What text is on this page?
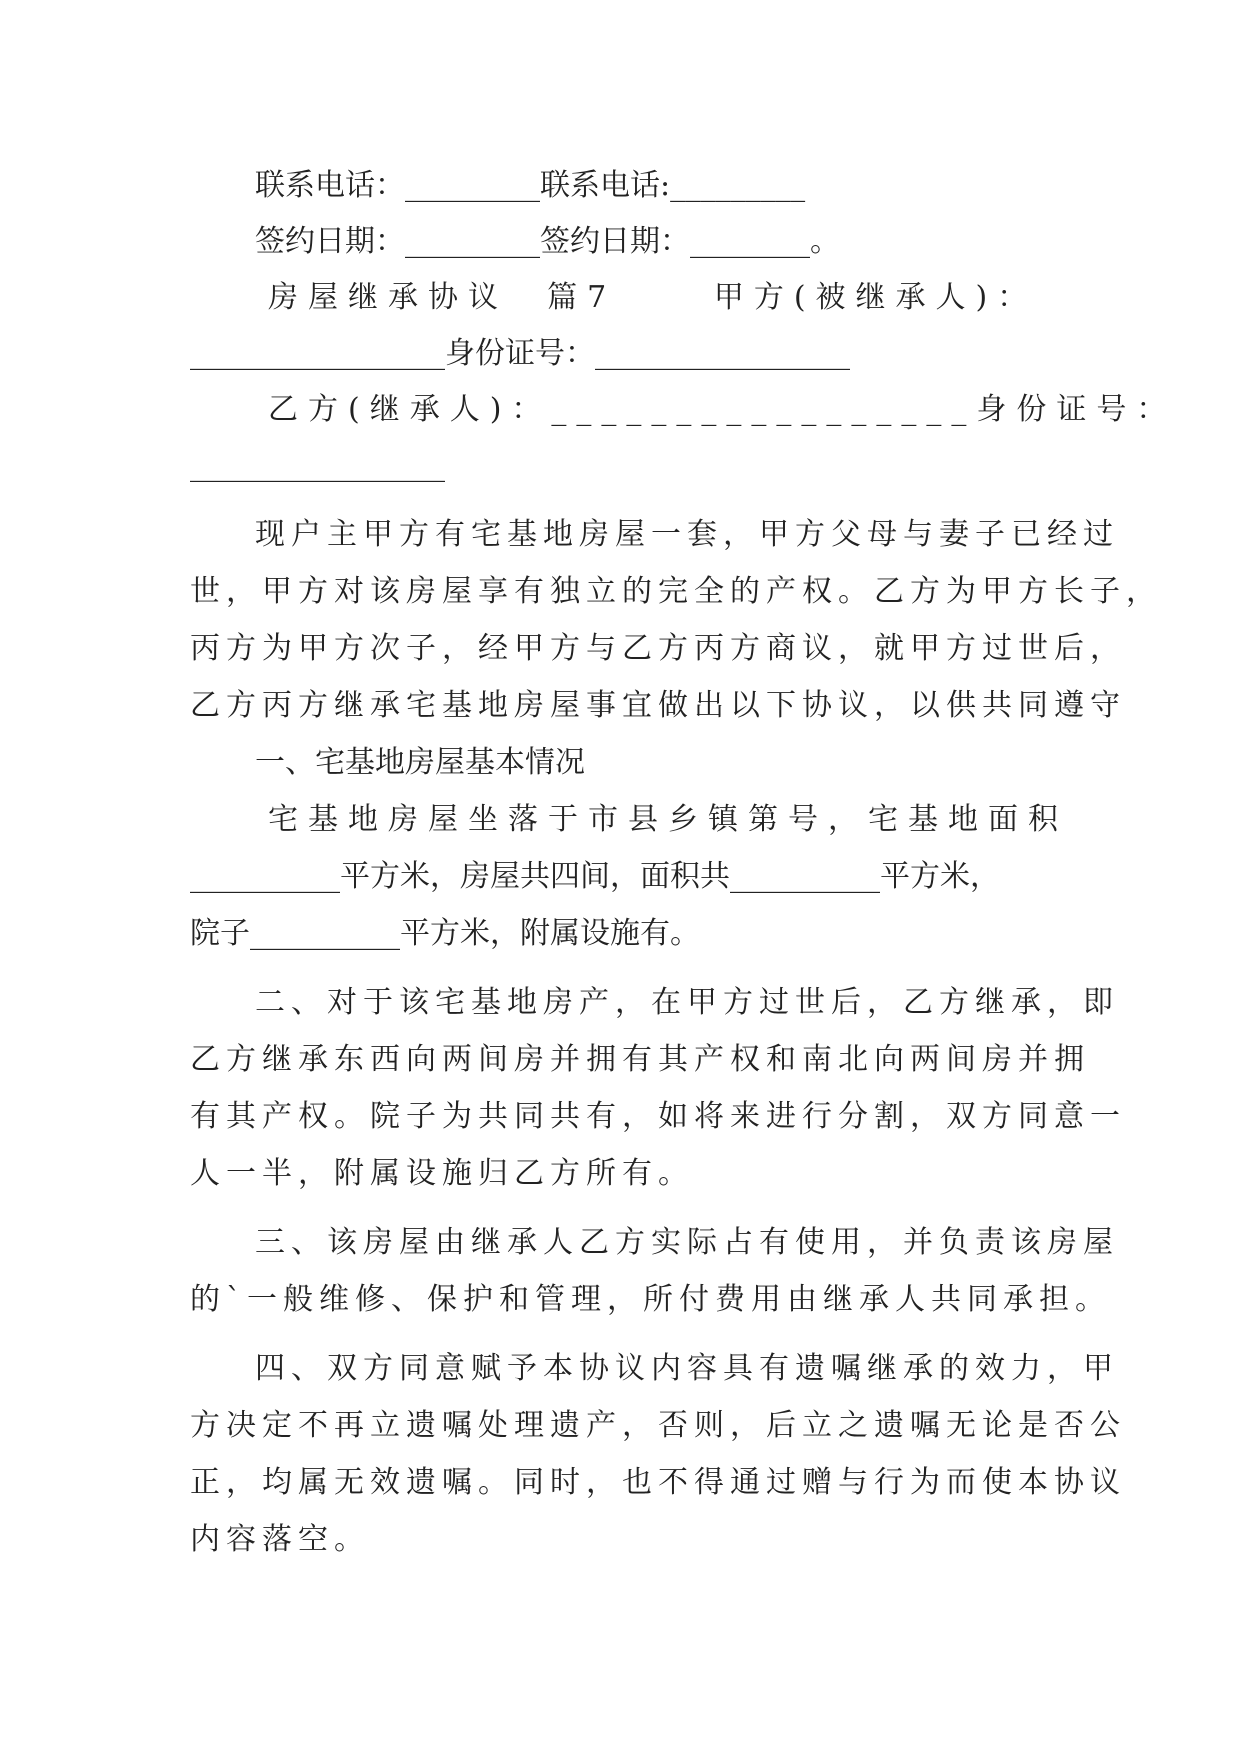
联系电话：_________联系电话:_________
签约日期：_________签约日期：________。
房屋继承协议  篇7     甲方(被继承人)：
_________________身份证号：_________________
乙方(继承人)：_________________身份证号：
_________________
现户主甲方有宅基地房屋一套，甲方父母与妻子已经过
世，甲方对该房屋享有独立的完全的产权。乙方为甲方长子，
丙方为甲方次子，经甲方与乙方丙方商议，就甲方过世后，
乙方丙方继承宅基地房屋事宜做出以下协议，以供共同遵守
一、宅基地房屋基本情况
宅基地房屋坐落于市县乡镇第号，宅基地面积
__________平方米，房屋共四间，面积共__________平方米，
院子__________平方米，附属设施有。
二、对于该宅基地房产，在甲方过世后，乙方继承，即
乙方继承东西向两间房并拥有其产权和南北向两间房并拥
有其产权。院子为共同共有，如将来进行分割，双方同意一
人一半，附属设施归乙方所有。
三、该房屋由继承人乙方实际占有使用，并负责该房屋
的`一般维修、保护和管理，所付费用由继承人共同承担。
四、双方同意赋予本协议内容具有遗嘱继承的效力，甲
方决定不再立遗嘱处理遗产，否则，后立之遗嘱无论是否公
正，均属无效遗嘱。同时，也不得通过赠与行为而使本协议
内容落空。
